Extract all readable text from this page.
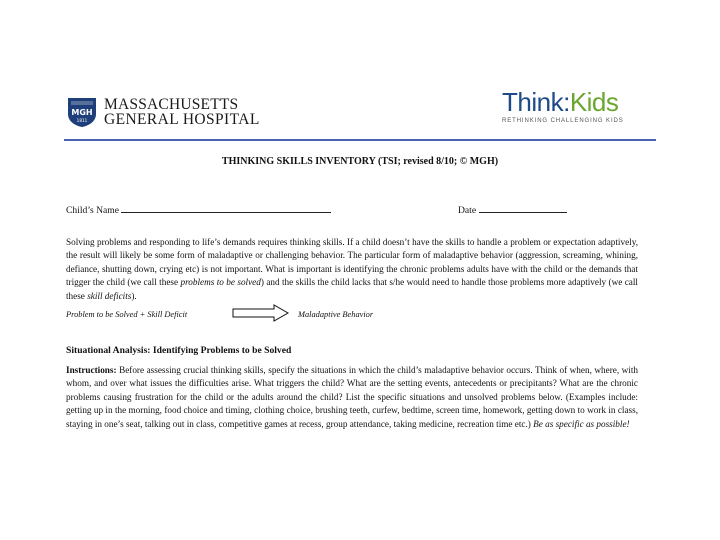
MGH
1811
MASSACHUSETTS
GENERAL HOSPITAL
Think:Kids
RETHINKING CHALLENGING KIDS
THINKING SKILLS INVENTORY (TSI; revised 8/10; © MGH)
Child’s Name	Date

Solving problems and responding to life’s demands requires thinking skills. If a child doesn’t have the skills to handle a problem or expectation adaptively, the result will likely be some form of maladaptive or challenging behavior. The particular form of maladaptive behavior (aggression, screaming, whining, defiance, shutting down, crying etc) is not important. What is important is identifying the chronic problems adults have with the child or the demands that trigger the child (we call these problems to be solved) and the skills the child lacks that s/he would need to handle those problems more adaptively (we call these skill deficits).

Problem to be Solved + Skill Deficit	Maladaptive Behavior
Situational Analysis: Identifying Problems to be Solved

Instructions: Before assessing crucial thinking skills, specify the situations in which the child’s maladaptive behavior occurs. Think of when, where, with whom, and over what issues the difficulties arise. What triggers the child? What are the setting events, antecedents or precipitants? What are the chronic problems causing frustration for the child or the adults around the child? List the specific situations and unsolved problems below. (Examples include: getting up in the morning, food choice and timing, clothing choice, brushing teeth, curfew, bedtime, screen time, homework, getting down to work in class, staying in one’s seat, talking out in class, competitive games at recess, group attendance, taking medicine, recreation time etc.) Be as specific as possible!
